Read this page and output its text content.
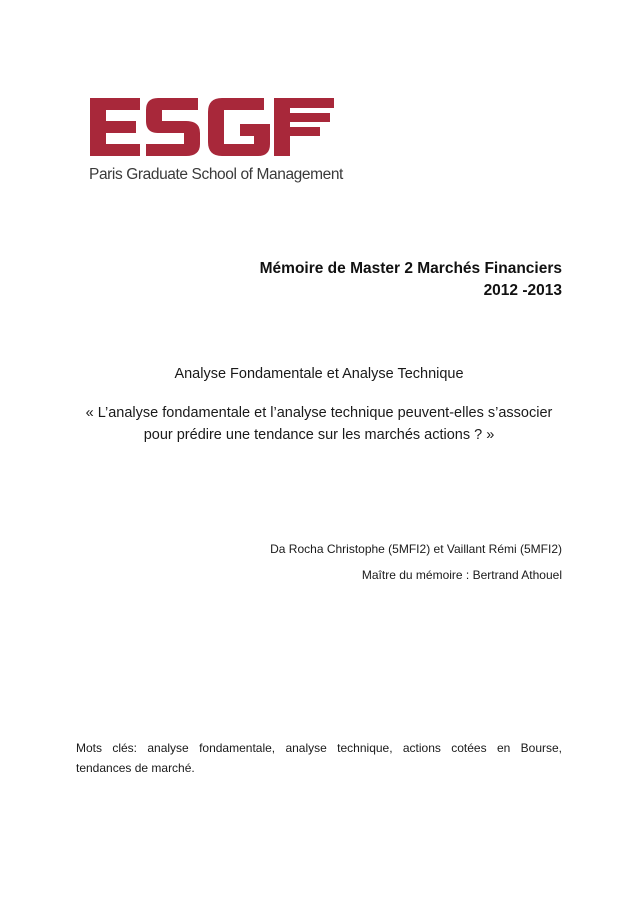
Paris Graduate School of Management
Mémoire de Master 2 Marchés Financiers
2012 -2013
Analyse Fondamentale et Analyse Technique
« L’analyse fondamentale et l’analyse technique peuvent-elles s’associer
pour prédire une tendance sur les marchés actions ? »
Da Rocha Christophe (5MFI2) et Vaillant Rémi (5MFI2)
Maître du mémoire : Bertrand Athouel
Mots clés: analyse fondamentale, analyse technique, actions cotées en Bourse,
tendances de marché.
